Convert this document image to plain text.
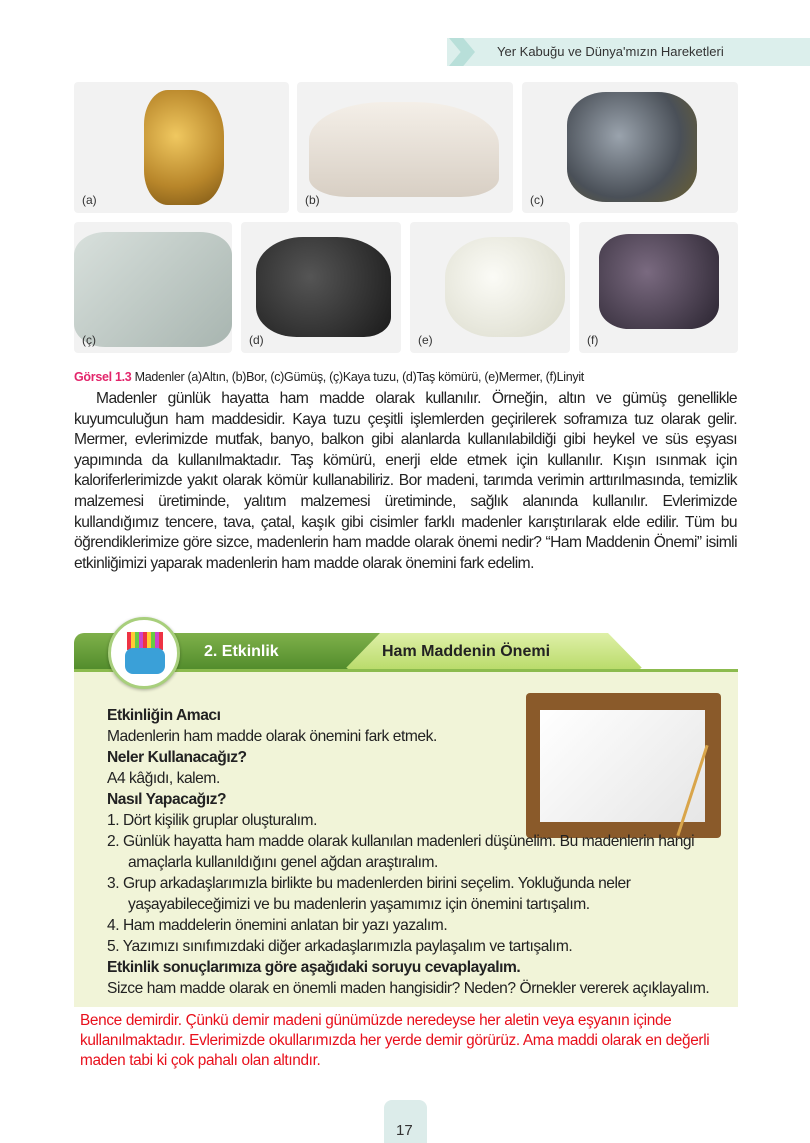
Yer Kabuğu ve Dünya'mızın Hareketleri
(a)	(b)	(c)
(ç)	(d)	(e)	(f)
Görsel 1.3 Madenler (a)Altın, (b)Bor, (c)Gümüş, (ç)Kaya tuzu, (d)Taş kömürü, (e)Mermer, (f)Linyit

Madenler günlük hayatta ham madde olarak kullanılır. Örneğin, altın ve gümüş genellikle kuyumculuğun ham maddesidir. Kaya tuzu çeşitli işlemlerden geçirilerek soframıza tuz olarak gelir. Mermer, evlerimizde mutfak, banyo, balkon gibi alanlarda kullanılabildiği gibi heykel ve süs eşyası yapımında da kullanılmaktadır. Taş kömürü, enerji elde etmek için kullanılır. Kışın ısınmak için kaloriferlerimizde yakıt olarak kömür kullanabiliriz. Bor madeni, tarımda verimin arttırılmasında, temizlik malzemesi üretiminde, yalıtım malzemesi üretiminde, sağlık alanında kullanılır. Evlerimizde kullandığımız tencere, tava, çatal, kaşık gibi cisimler farklı madenler karıştırılarak elde edilir. Tüm bu öğrendiklerimize göre sizce, madenlerin ham madde olarak önemi nedir? “Ham Maddenin Önemi” isimli etkinliğimizi yaparak madenlerin ham madde olarak önemini fark edelim.

2. Etkinlik	Ham Maddenin Önemi
Etkinliğin Amacı

Madenlerin ham madde olarak önemini fark etmek.

Neler Kullanacağız?

A4 kâğıdı, kalem.

Nasıl Yapacağız?
1. Dört kişilik gruplar oluşturalım.
2. Günlük hayatta ham madde olarak kullanılan madenleri düşünelim. Bu madenlerin hangi amaçlarla kullanıldığını genel ağdan araştıralım.
3. Grup arkadaşlarımızla birlikte bu madenlerden birini seçelim. Yokluğunda neler yaşayabileceğimizi ve bu madenlerin yaşamımız için önemini tartışalım.
4. Ham maddelerin önemini anlatan bir yazı yazalım.
5. Yazımızı sınıfımızdaki diğer arkadaşlarımızla paylaşalım ve tartışalım.
Etkinlik sonuçlarımıza göre aşağıdaki soruyu cevaplayalım.

Sizce ham madde olarak en önemli maden hangisidir? Neden? Örnekler vererek açıklayalım.

Bence demirdir. Çünkü demir madeni günümüzde neredeyse her aletin veya eşyanın içinde kullanılmaktadır. Evlerimizde okullarımızda her yerde demir görürüz. Ama maddi olarak en değerli maden tabi ki çok pahalı olan altındır.

17
